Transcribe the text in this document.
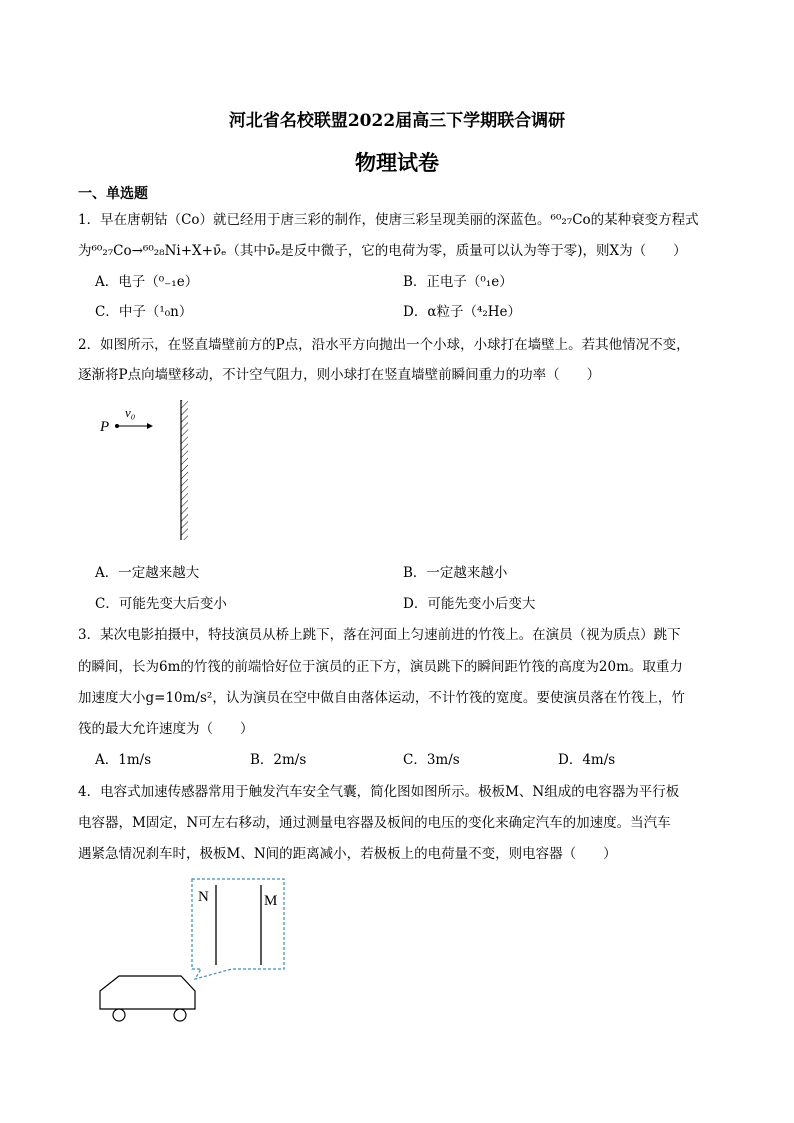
河北省名校联盟2022届高三下学期联合调研
物理试卷
一、单选题
1．早在唐朝钴（Co）就已经用于唐三彩的制作，使唐三彩呈现美丽的深蓝色。⁶⁰₂₇Co的某种衰变方程式
为⁶⁰₂₇Co→⁶⁰₂₈Ni+X+ν̄ₑ（其中ν̄ₑ是反中微子，它的电荷为零，质量可以认为等于零)，则X为（　　）
A．电子（⁰₋₁e）	B．正电子（⁰₁e）
C．中子（¹₀n）	D．α粒子（⁴₂He）
2．如图所示，在竖直墙壁前方的P点，沿水平方向抛出一个小球，小球打在墙壁上。若其他情况不变，
逐渐将P点向墙壁移动，不计空气阻力，则小球打在竖直墙壁前瞬间重力的功率（　　）
P
v₀
A．一定越来越大	B．一定越来越小
C．可能先变大后变小	D．可能先变小后变大
3．某次电影拍摄中，特技演员从桥上跳下，落在河面上匀速前进的竹筏上。在演员（视为质点）跳下
的瞬间，长为6m的竹筏的前端恰好位于演员的正下方，演员跳下的瞬间距竹筏的高度为20m。取重力
加速度大小g=10m/s²，认为演员在空中做自由落体运动，不计竹筏的宽度。要使演员落在竹筏上，竹
筏的最大允许速度为（　　）
A．1m/s	B．2m/s	C．3m/s	D．4m/s
4．电容式加速传感器常用于触发汽车安全气囊，简化图如图所示。极板M、N组成的电容器为平行板
电容器，M固定，N可左右移动，通过测量电容器及板间的电压的变化来确定汽车的加速度。当汽车
遇紧急情况刹车时，极板M、N间的距离减小，若极板上的电荷量不变，则电容器（　　）
N	M
